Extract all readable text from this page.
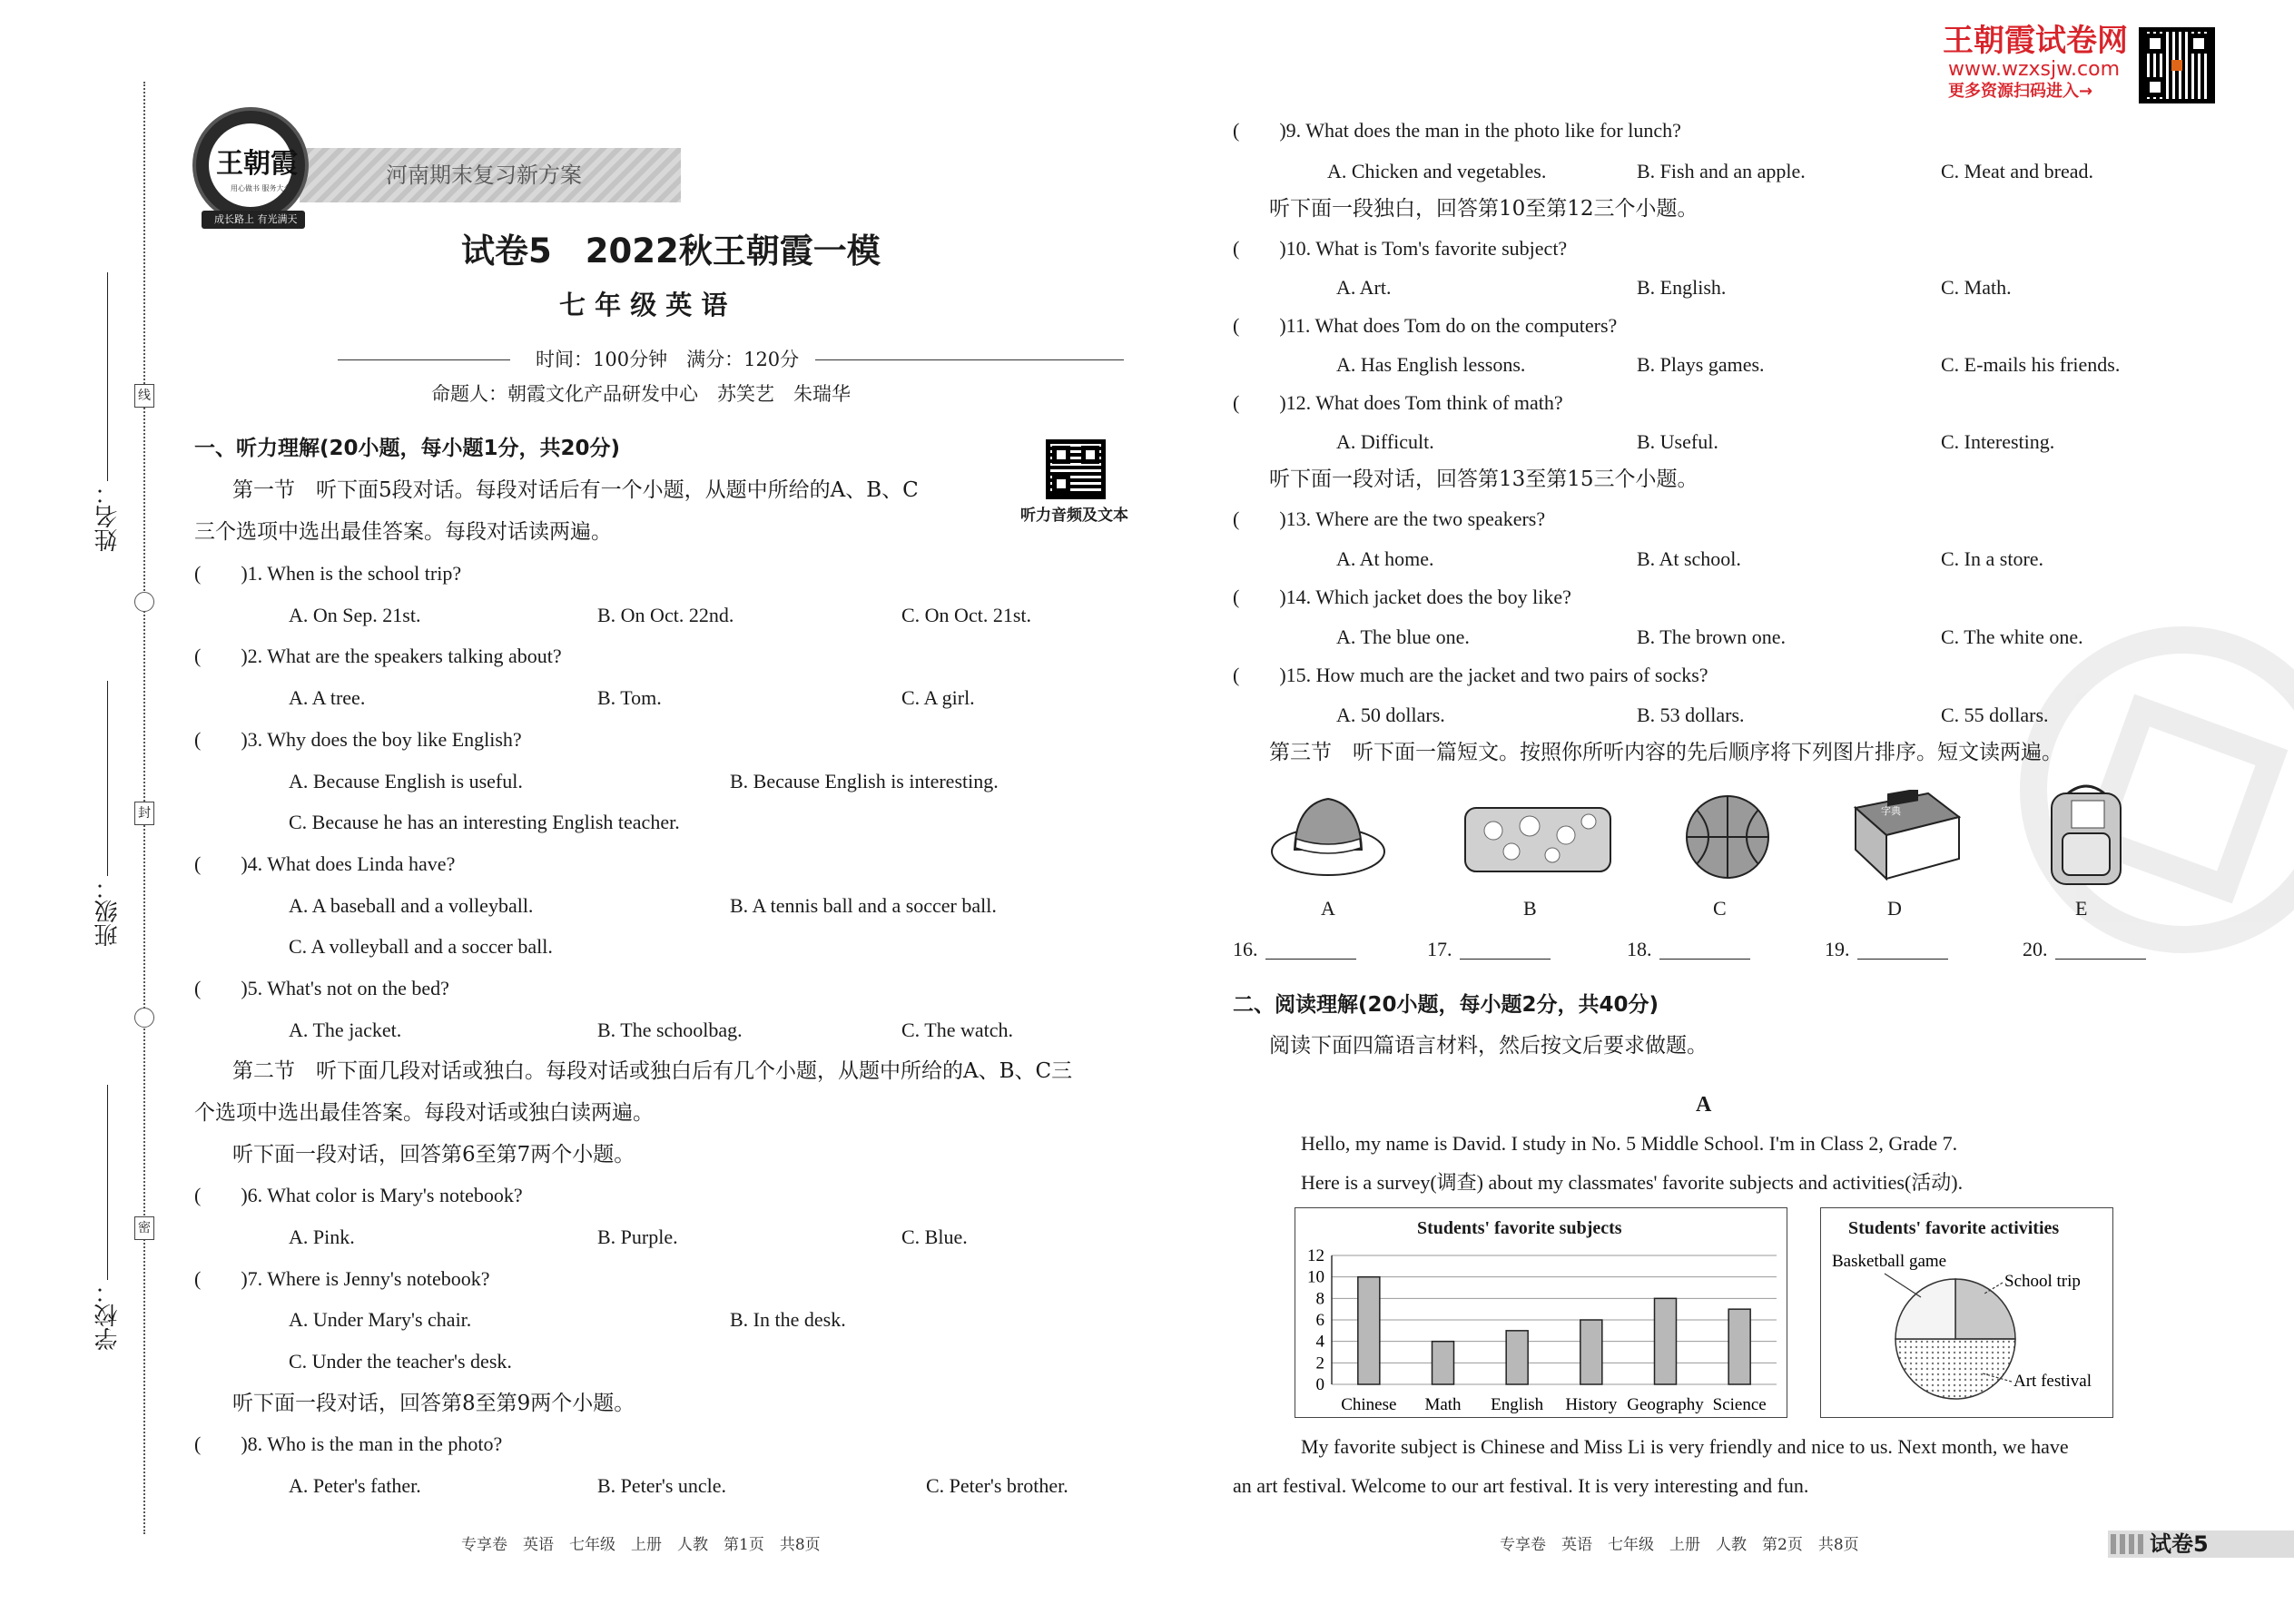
姓名：
班级：
学校：
线
封
密
河南期末复习新方案
王朝霞
用心做书 服务大众
成长路上 有光满天
试卷5　2022秋王朝霞一模
七 年 级 英 语
时间：100分钟　满分：120分
命题人：朝霞文化产品研发中心　苏笑艺　朱瑞华
听力音频及文本
一、听力理解(20小题，每小题1分，共20分)
第一节　听下面5段对话。每段对话后有一个小题，从题中所给的A、B、C
三个选项中选出最佳答案。每段对话读两遍。
(　　)1. When is the school trip?
A. On Sep. 21st.	B. On Oct. 22nd.	C. On Oct. 21st.
(　　)2. What are the speakers talking about?
A. A tree.	B. Tom.	C. A girl.
(　　)3. Why does the boy like English?
A. Because English is useful.	B. Because English is interesting.
C. Because he has an interesting English teacher.
(　　)4. What does Linda have?
A. A baseball and a volleyball.	B. A tennis ball and a soccer ball.
C. A volleyball and a soccer ball.
(　　)5. What's not on the bed?
A. The jacket.	B. The schoolbag.	C. The watch.
第二节　听下面几段对话或独白。每段对话或独白后有几个小题，从题中所给的A、B、C三
个选项中选出最佳答案。每段对话或独白读两遍。
听下面一段对话，回答第6至第7两个小题。
(　　)6. What color is Mary's notebook?
A. Pink.	B. Purple.	C. Blue.
(　　)7. Where is Jenny's notebook?
A. Under Mary's chair.	B. In the desk.
C. Under the teacher's desk.
听下面一段对话，回答第8至第9两个小题。
(　　)8. Who is the man in the photo?
A. Peter's father.	B. Peter's uncle.	C. Peter's brother.
专享卷　英语　七年级　上册　人教　第1页　共8页
王朝霞试卷网
www.wzxsjw.com
更多资源扫码进入→
(　　)9. What does the man in the photo like for lunch?
A. Chicken and vegetables.	B. Fish and an apple.	C. Meat and bread.
听下面一段独白，回答第10至第12三个小题。
(　　)10. What is Tom's favorite subject?
A. Art.	B. English.	C. Math.
(　　)11. What does Tom do on the computers?
A. Has English lessons.	B. Plays games.	C. E-mails his friends.
(　　)12. What does Tom think of math?
A. Difficult.	B. Useful.	C. Interesting.
听下面一段对话，回答第13至第15三个小题。
(　　)13. Where are the two speakers?
A. At home.	B. At school.	C. In a store.
(　　)14. Which jacket does the boy like?
A. The blue one.	B. The brown one.	C. The white one.
(　　)15. How much are the jacket and two pairs of socks?
A. 50 dollars.	B. 53 dollars.	C. 55 dollars.
第三节　听下面一篇短文。按照你所听内容的先后顺序将下列图片排序。短文读两遍。
字典
A	B	C	D	E
16.	17.	18.	19.	20.
二、阅读理解(20小题，每小题2分，共40分)
阅读下面四篇语言材料，然后按文后要求做题。
A
Hello, my name is David. I study in No. 5 Middle School. I'm in Class 2, Grade 7.
Here is a survey(调查) about my classmates' favorite subjects and activities(活动).
Students' favorite subjects
0
2
4
6
8
10
12
Chinese Math English History Geography Science
Students' favorite activities
Basketball game
School trip
Art festival
My favorite subject is Chinese and Miss Li is very friendly and nice to us. Next month, we have
an art festival. Welcome to our art festival. It is very interesting and fun.
专享卷　英语　七年级　上册　人教　第2页　共8页	试卷5
